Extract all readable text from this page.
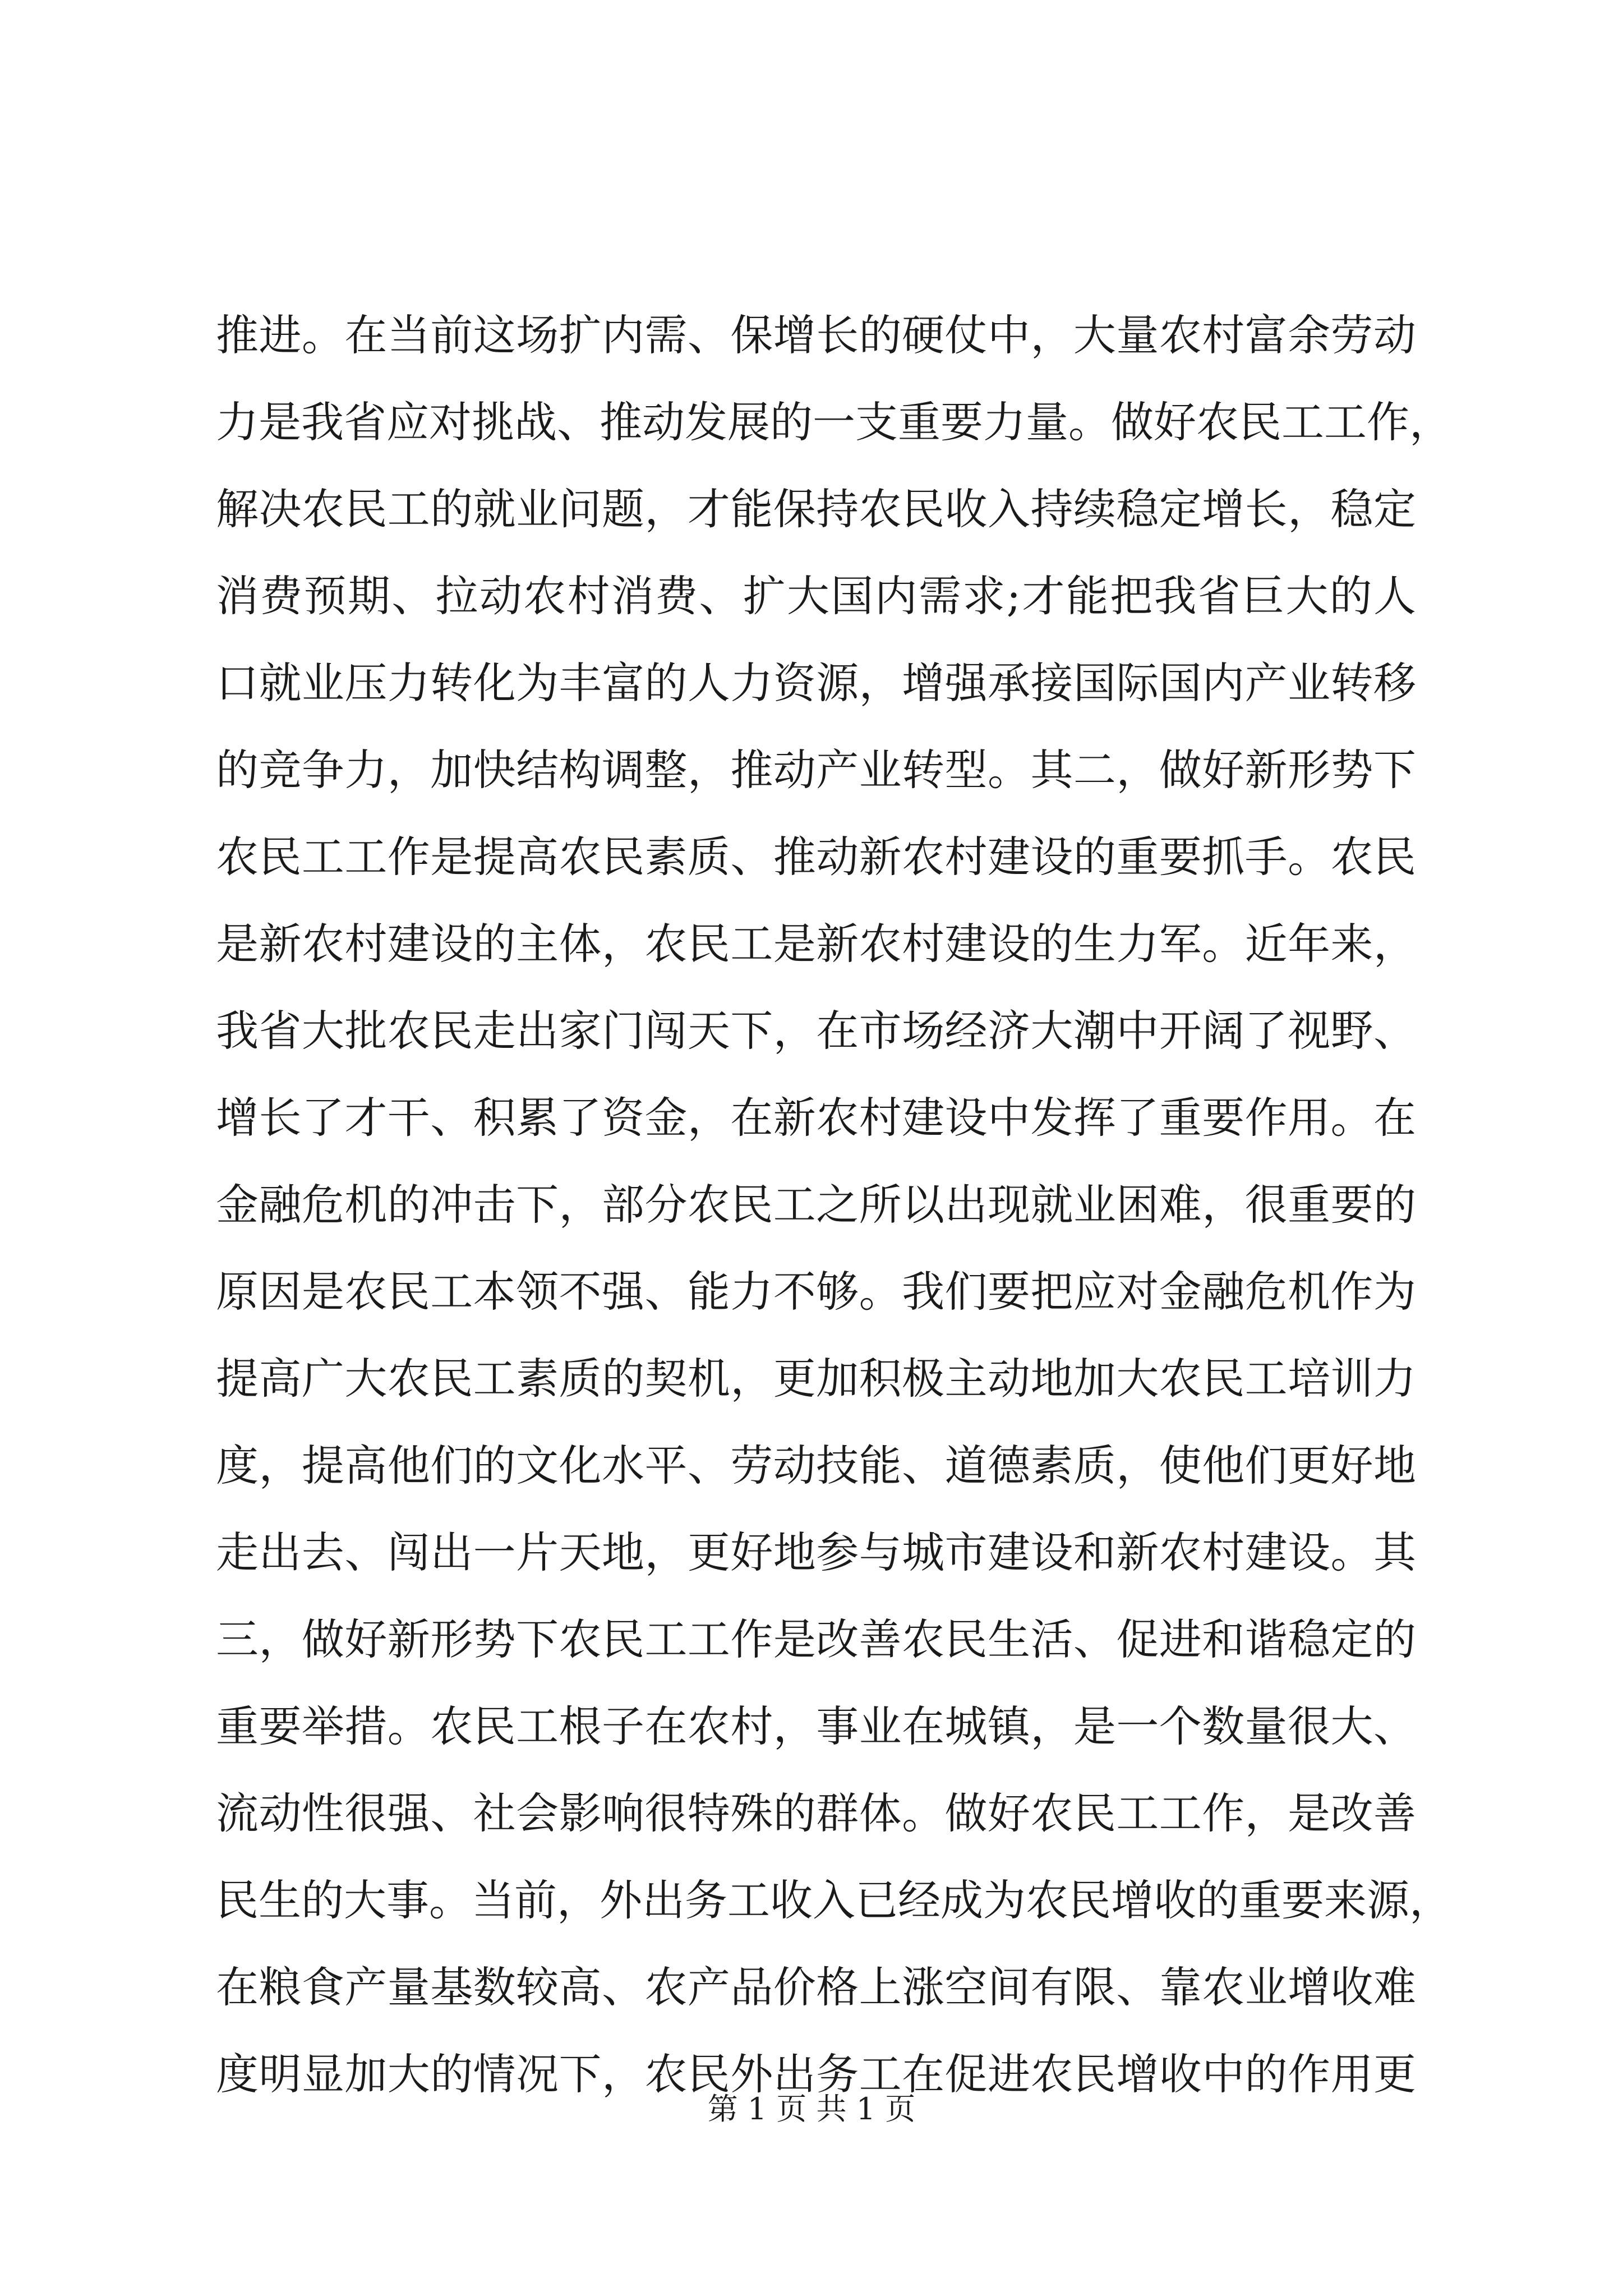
推进。在当前这场扩内需、保增长的硬仗中，大量农村富余劳动
力是我省应对挑战、推动发展的一支重要力量。做好农民工工作，
解决农民工的就业问题，才能保持农民收入持续稳定增长，稳定
消费预期、拉动农村消费、扩大国内需求;才能把我省巨大的人
口就业压力转化为丰富的人力资源，增强承接国际国内产业转移
的竞争力，加快结构调整，推动产业转型。其二，做好新形势下
农民工工作是提高农民素质、推动新农村建设的重要抓手。农民
是新农村建设的主体，农民工是新农村建设的生力军。近年来，
我省大批农民走出家门闯天下，在市场经济大潮中开阔了视野、
增长了才干、积累了资金，在新农村建设中发挥了重要作用。在
金融危机的冲击下，部分农民工之所以出现就业困难，很重要的
原因是农民工本领不强、能力不够。我们要把应对金融危机作为
提高广大农民工素质的契机，更加积极主动地加大农民工培训力
度，提高他们的文化水平、劳动技能、道德素质，使他们更好地
走出去、闯出一片天地，更好地参与城市建设和新农村建设。其
三，做好新形势下农民工工作是改善农民生活、促进和谐稳定的
重要举措。农民工根子在农村，事业在城镇，是一个数量很大、
流动性很强、社会影响很特殊的群体。做好农民工工作，是改善
民生的大事。当前，外出务工收入已经成为农民增收的重要来源，
在粮食产量基数较高、农产品价格上涨空间有限、靠农业增收难
度明显加大的情况下，农民外出务工在促进农民增收中的作用更
第 1 页 共 1 页
